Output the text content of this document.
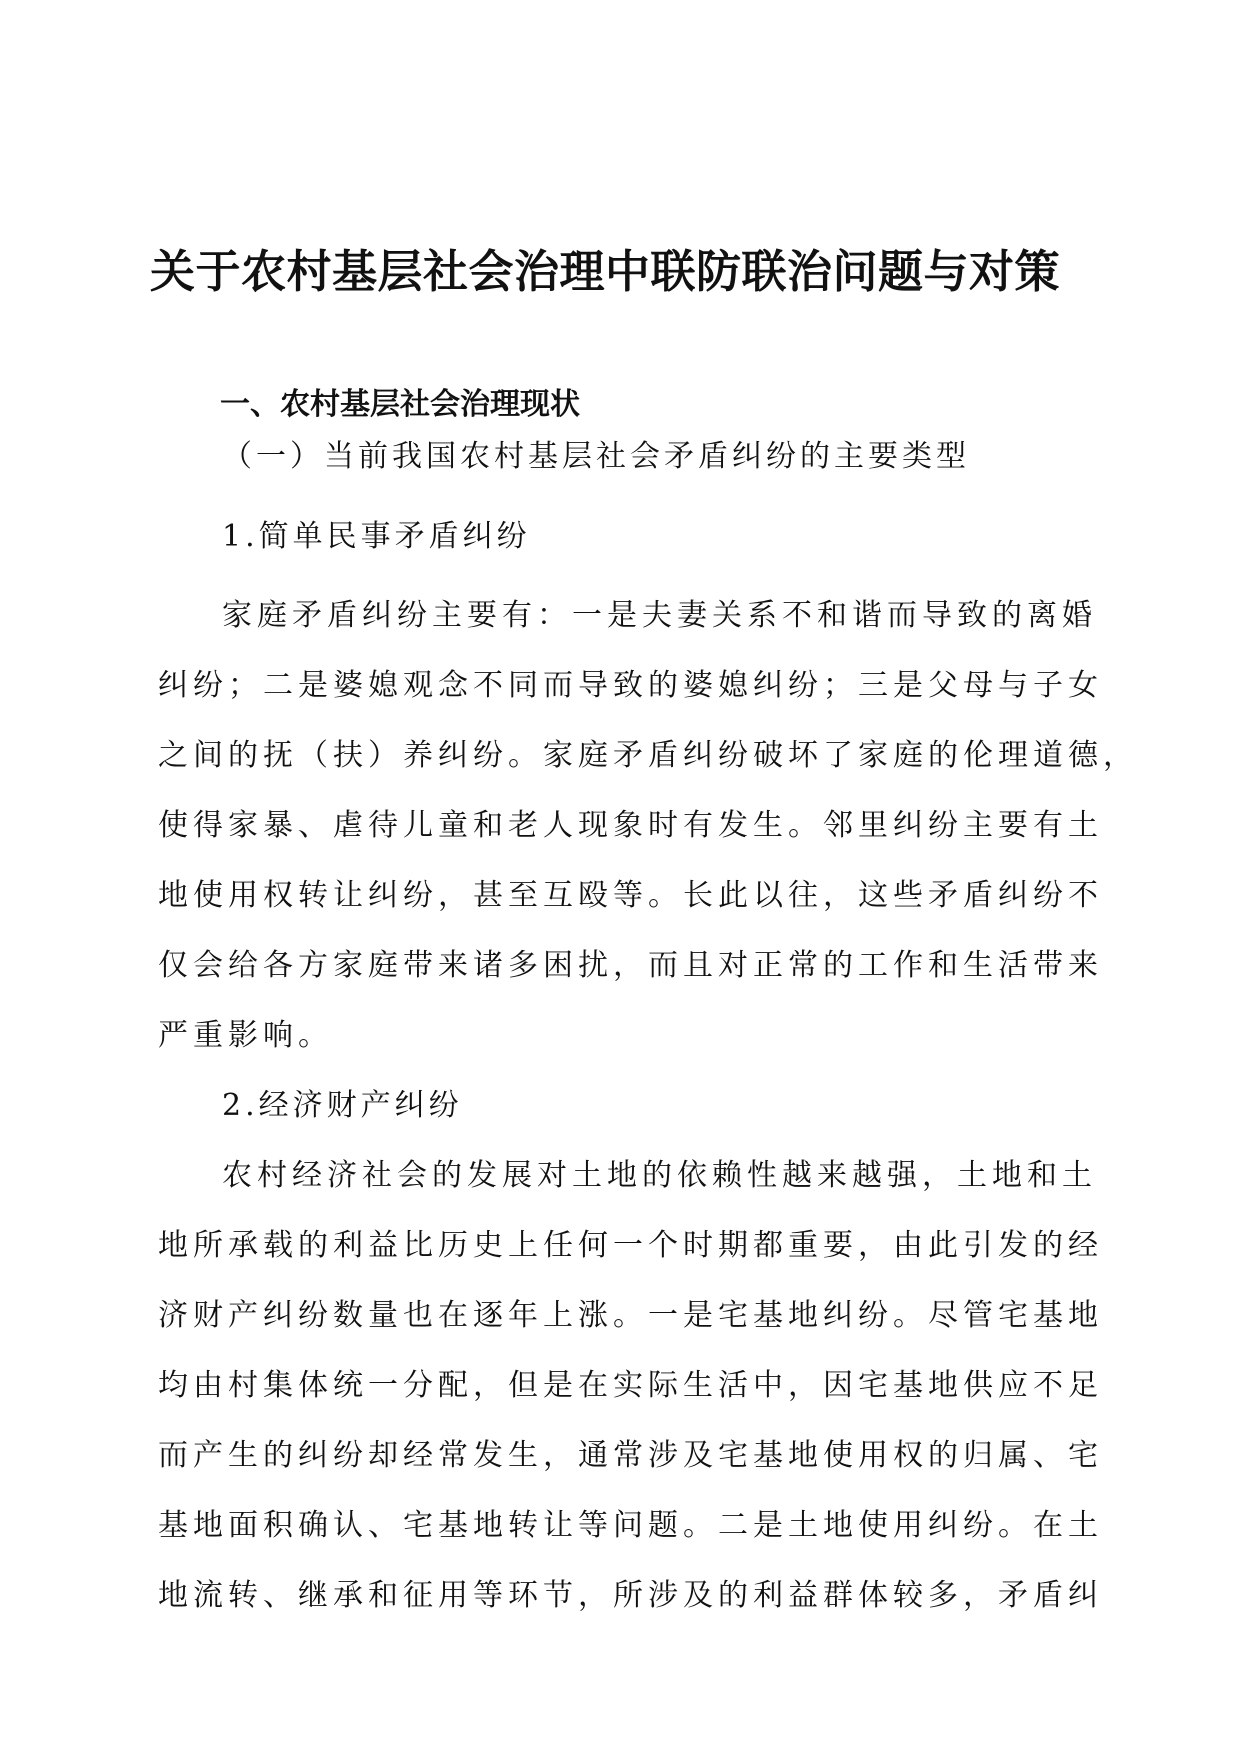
关于农村基层社会治理中联防联治问题与对策
一、农村基层社会治理现状
（一）当前我国农村基层社会矛盾纠纷的主要类型
1.简单民事矛盾纠纷
家庭矛盾纠纷主要有：一是夫妻关系不和谐而导致的离婚
纠纷；二是婆媳观念不同而导致的婆媳纠纷；三是父母与子女
之间的抚（扶）养纠纷。家庭矛盾纠纷破坏了家庭的伦理道德，
使得家暴、虐待儿童和老人现象时有发生。邻里纠纷主要有土
地使用权转让纠纷，甚至互殴等。长此以往，这些矛盾纠纷不
仅会给各方家庭带来诸多困扰，而且对正常的工作和生活带来
严重影响。
2.经济财产纠纷
农村经济社会的发展对土地的依赖性越来越强，土地和土
地所承载的利益比历史上任何一个时期都重要，由此引发的经
济财产纠纷数量也在逐年上涨。一是宅基地纠纷。尽管宅基地
均由村集体统一分配，但是在实际生活中，因宅基地供应不足
而产生的纠纷却经常发生，通常涉及宅基地使用权的归属、宅
基地面积确认、宅基地转让等问题。二是土地使用纠纷。在土
地流转、继承和征用等环节，所涉及的利益群体较多，矛盾纠
